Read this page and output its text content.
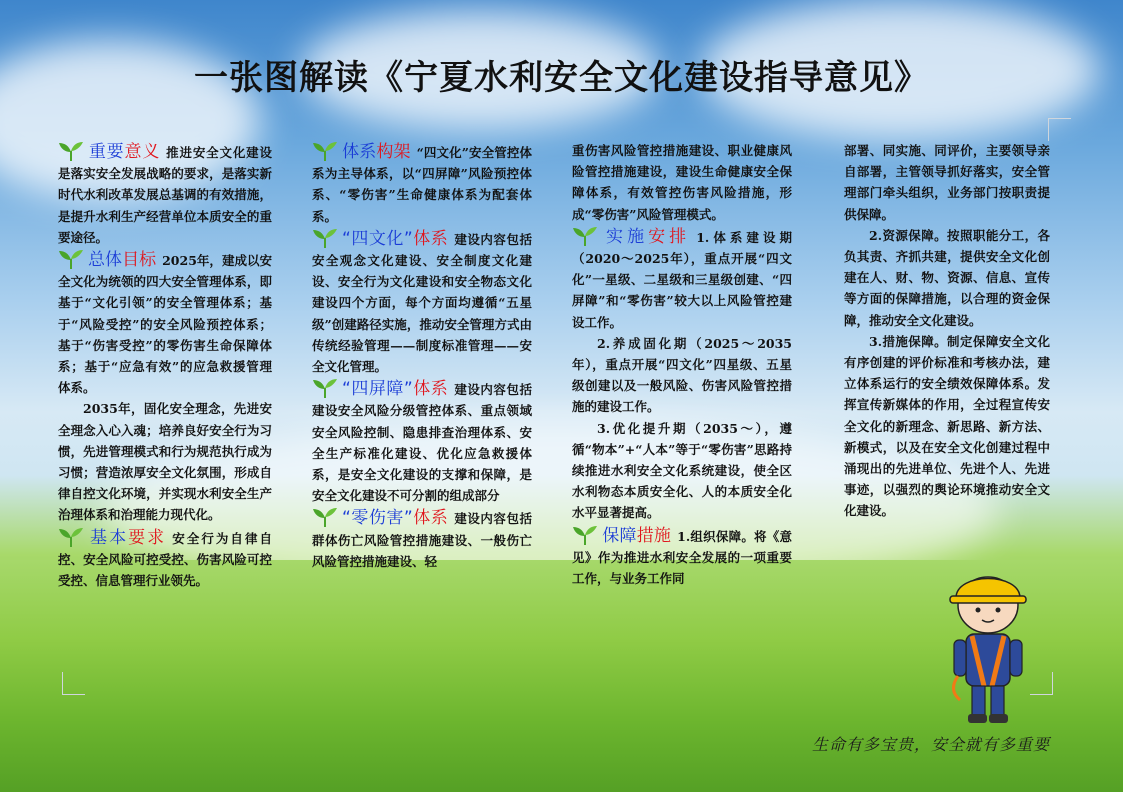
一张图解读《宁夏水利安全文化建设指导意见》

重要意义 推进安全文化建设是落实安全发展战略的要求，是落实新时代水利改革发展总基调的有效措施，是提升水利生产经营单位本质安全的重要途径。

总体目标 2025年，建成以安全文化为统领的四大安全管理体系，即基于“文化引领”的安全管理体系；基于“风险受控”的安全风险预控体系；基于“伤害受控”的零伤害生命保障体系；基于“应急有效”的应急救援管理体系。

2035年，固化安全理念，先进安全理念入心入魂；培养良好安全行为习惯，先进管理模式和行为规范执行成为习惯；营造浓厚安全文化氛围，形成自律自控文化环境，并实现水利安全生产治理体系和治理能力现代化。

基本要求 安全行为自律自控、安全风险可控受控、伤害风险可控受控、信息管理行业领先。

体系构架 “四文化”安全管控体系为主导体系，以“四屏障”风险预控体系、“零伤害”生命健康体系为配套体系。

“四文化”体系 建设内容包括安全观念文化建设、安全制度文化建设、安全行为文化建设和安全物态文化建设四个方面，每个方面均遵循“五星级”创建路径实施，推动安全管理方式由传统经验管理——制度标准管理——安全文化管理。

“四屏障”体系 建设内容包括建设安全风险分级管控体系、重点领域安全风险控制、隐患排查治理体系、安全生产标准化建设、优化应急救援体系，是安全文化建设的支撑和保障，是安全文化建设不可分割的组成部分

“零伤害”体系 建设内容包括群体伤亡风险管控措施建设、一般伤亡风险管控措施建设、轻

重伤害风险管控措施建设、职业健康风险管控措施建设，建设生命健康安全保障体系，有效管控伤害风险措施，形成“零伤害”风险管理模式。

实施安排 1.体系建设期（2020～2025年），重点开展“四文化”一星级、二星级和三星级创建、“四屏障”和“零伤害”较大以上风险管控建设工作。

2.养成固化期（2025～2035年），重点开展“四文化”四星级、五星级创建以及一般风险、伤害风险管控措施的建设工作。

3.优化提升期（2035～），遵循“物本”+“人本”等于“零伤害”思路持续推进水利安全文化系统建设，使全区水利物态本质安全化、人的本质安全化水平显著提高。

保障措施 1.组织保障。将《意见》作为推进水利安全发展的一项重要工作，与业务工作同

部署、同实施、同评价，主要领导亲自部署，主管领导抓好落实，安全管理部门牵头组织，业务部门按职责提供保障。

2.资源保障。按照职能分工，各负其责、齐抓共建，提供安全文化创建在人、财、物、资源、信息、宣传等方面的保障措施，以合理的资金保障，推动安全文化建设。

3.措施保障。制定保障安全文化有序创建的评价标准和考核办法，建立体系运行的安全绩效保障体系。发挥宣传新媒体的作用，全过程宣传安全文化的新理念、新思路、新方法、新模式，以及在安全文化创建过程中涌现出的先进单位、先进个人、先进事迹，以强烈的舆论环境推动安全文化建设。

生命有多宝贵，安全就有多重要
